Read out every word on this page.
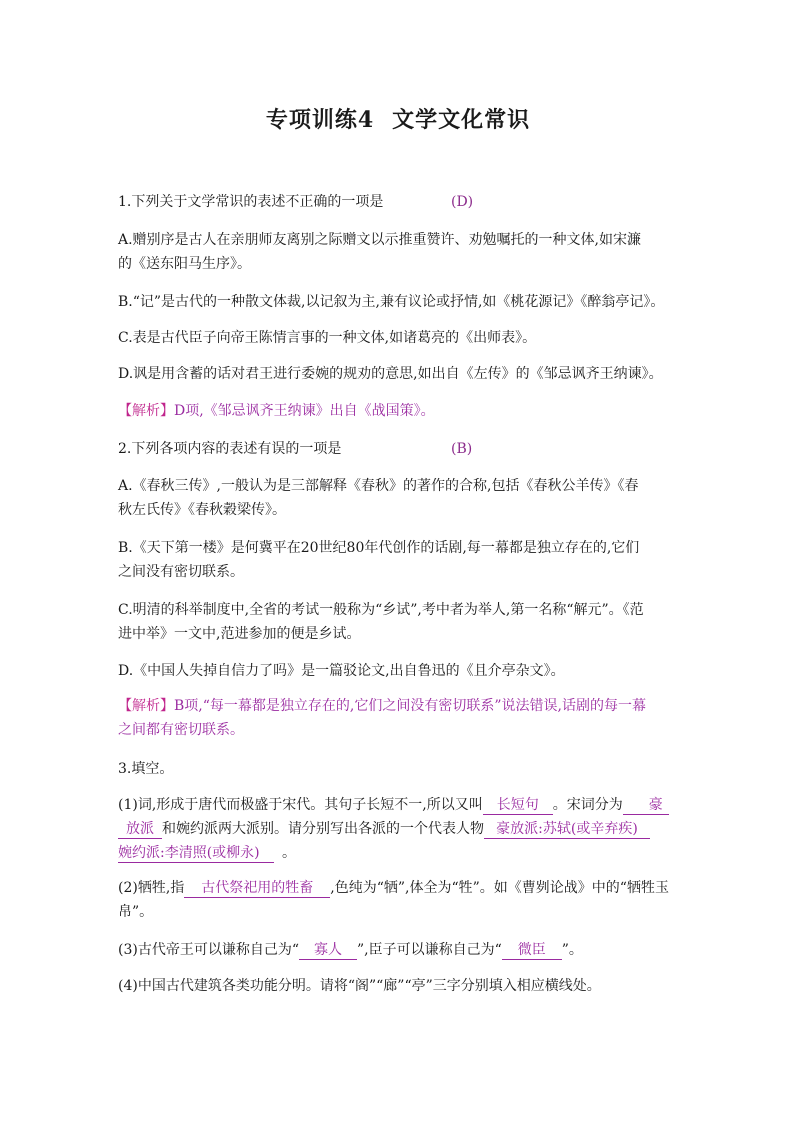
专项训练4 文学文化常识
1.下列关于文学常识的表述不正确的一项是	(D)
A.赠别序是古人在亲朋师友离别之际赠文以示推重赞许、劝勉嘱托的一种文体,如宋濂
的《送东阳马生序》。
B.“记”是古代的一种散文体裁,以记叙为主,兼有议论或抒情,如《桃花源记》《醉翁亭记》。
C.表是古代臣子向帝王陈情言事的一种文体,如诸葛亮的《出师表》。
D.讽是用含蓄的话对君王进行委婉的规劝的意思,如出自《左传》的《邹忌讽齐王纳谏》。
【解析】D项,《邹忌讽齐王纳谏》出自《战国策》。
2.下列各项内容的表述有误的一项是	(B)
A.《春秋三传》,一般认为是三部解释《春秋》的著作的合称,包括《春秋公羊传》《春
秋左氏传》《春秋穀梁传》。
B.《天下第一楼》是何冀平在20世纪80年代创作的话剧,每一幕都是独立存在的,它们
之间没有密切联系。
C.明清的科举制度中,全省的考试一般称为“乡试”,考中者为举人,第一名称“解元”。《范
进中举》一文中,范进参加的便是乡试。
D.《中国人失掉自信力了吗》是一篇驳论文,出自鲁迅的《且介亭杂文》。
【解析】B项,“每一幕都是独立存在的,它们之间没有密切联系”说法错误,话剧的每一幕
之间都有密切联系。
3.填空。
(1)词,形成于唐代而极盛于宋代。其句子长短不一,所以又叫 长短句 。宋词分为 豪
放派 和婉约派两大派别。请分别写出各派的一个代表人物 豪放派:苏轼(或辛弃疾)
婉约派:李清照(或柳永) 。
(2)牺牲,指 古代祭祀用的牲畜 ,色纯为“牺”,体全为“牲”。如《曹刿论战》中的“牺牲玉
帛”。
(3)古代帝王可以谦称自己为“ 寡人 ”,臣子可以谦称自己为“ 微臣 ”。
(4)中国古代建筑各类功能分明。请将“阁”“廊”“亭”三字分别填入相应横线处。
